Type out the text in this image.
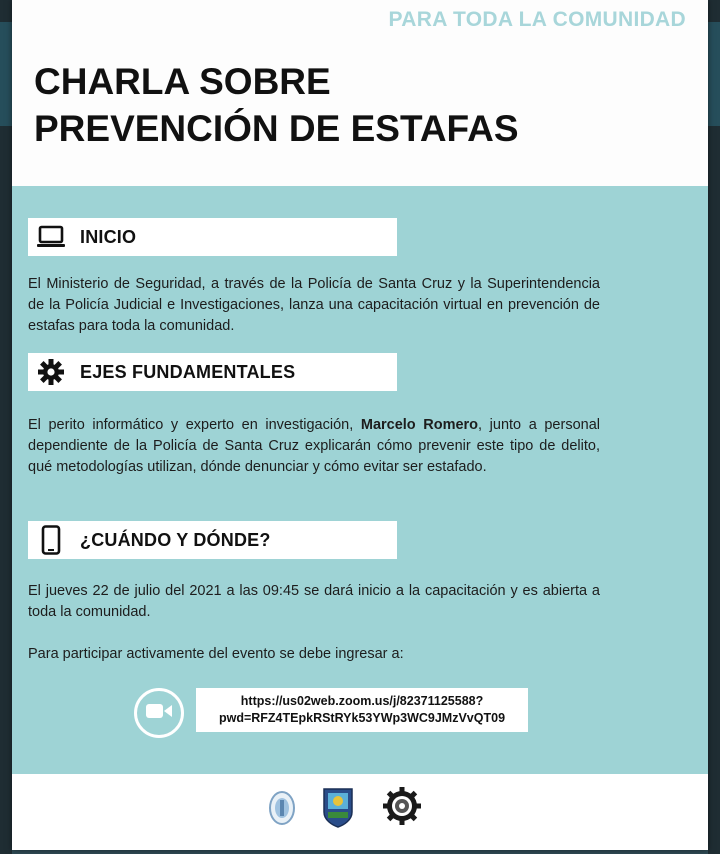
PARA TODA LA COMUNIDAD
CHARLA SOBRE
PREVENCIÓN DE ESTAFAS
INICIO
El Ministerio de Seguridad, a través de la Policía de Santa Cruz y la Superintendencia de la Policía Judicial e Investigaciones, lanza una capacitación virtual en prevención de estafas para toda la comunidad.
EJES FUNDAMENTALES
El perito informático y experto en investigación, Marcelo Romero, junto a personal dependiente de la Policía de Santa Cruz explicarán cómo prevenir este tipo de delito, qué metodologías utilizan, dónde denunciar y cómo evitar ser estafado.
¿CUÁNDO Y DÓNDE?
El jueves 22 de julio del 2021 a las 09:45 se dará inicio a la capacitación y es abierta a toda la comunidad.
Para participar activamente del evento se debe ingresar a:
https://us02web.zoom.us/j/82371125588?
pwd=RFZ4TEpkRStRYk53YWp3WC9JMzVvQT09
